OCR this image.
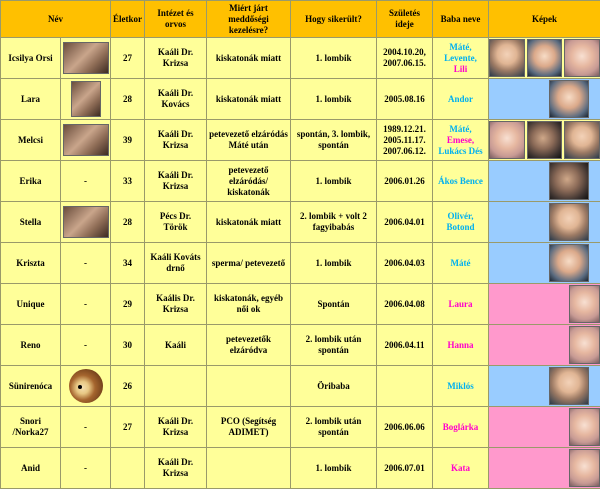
Név		Életkor	Intézet és orvos	Miért járt meddőségi kezelésre?	Hogy sikerült?	Születés ideje	Baba neve	Képek
Icsilya Orsi		27	Kaáli Dr. Krizsa	kiskatonák miatt	1. lombik	2004.10.20, 2007.06.15.	Máté,
Levente,
Lili	

Lara		28	Kaáli Dr. Kovács	kiskatonák miatt	1. lombik	2005.08.16	Andor	

Melcsi		39	Kaáli Dr. Krizsa	petevezető elzáródás Máté után	spontán, 3. lombik, spontán	1989.12.21. 2005.11.17. 2007.06.12.	Máté,
Emese,
Lukács Dés	

Erika	-	33	Kaáli Dr. Krizsa	petevezető elzáródás/ kiskatonák	1. lombik	2006.01.26	Ákos Bence	

Stella		28	Pécs Dr. Török	kiskatonák miatt	2. lombik + volt 2 fagyibabás	2006.04.01	Olivér,
Botond	

Kriszta	-	34	Kaáli Kováts drnő	sperma/ petevezető	1. lombik	2006.04.03	Máté	

Unique	-	29	Kaális Dr. Krizsa	kiskatonák, egyéb női ok	Spontán	2006.04.08	Laura	

Reno	-	30	Kaáli	petevezetők elzáródva	2. lombik után spontán	2006.04.11	Hanna	

Sünirenóca		26			Öribaba		Miklós	

Snori /Norka27	-	27	Kaáli Dr. Krizsa	PCO (Segítség ADIMET)	2. lombik után spontán	2006.06.06	Boglárka	

Anid	-		Kaáli Dr. Krizsa		1. lombik	2006.07.01	Kata	
